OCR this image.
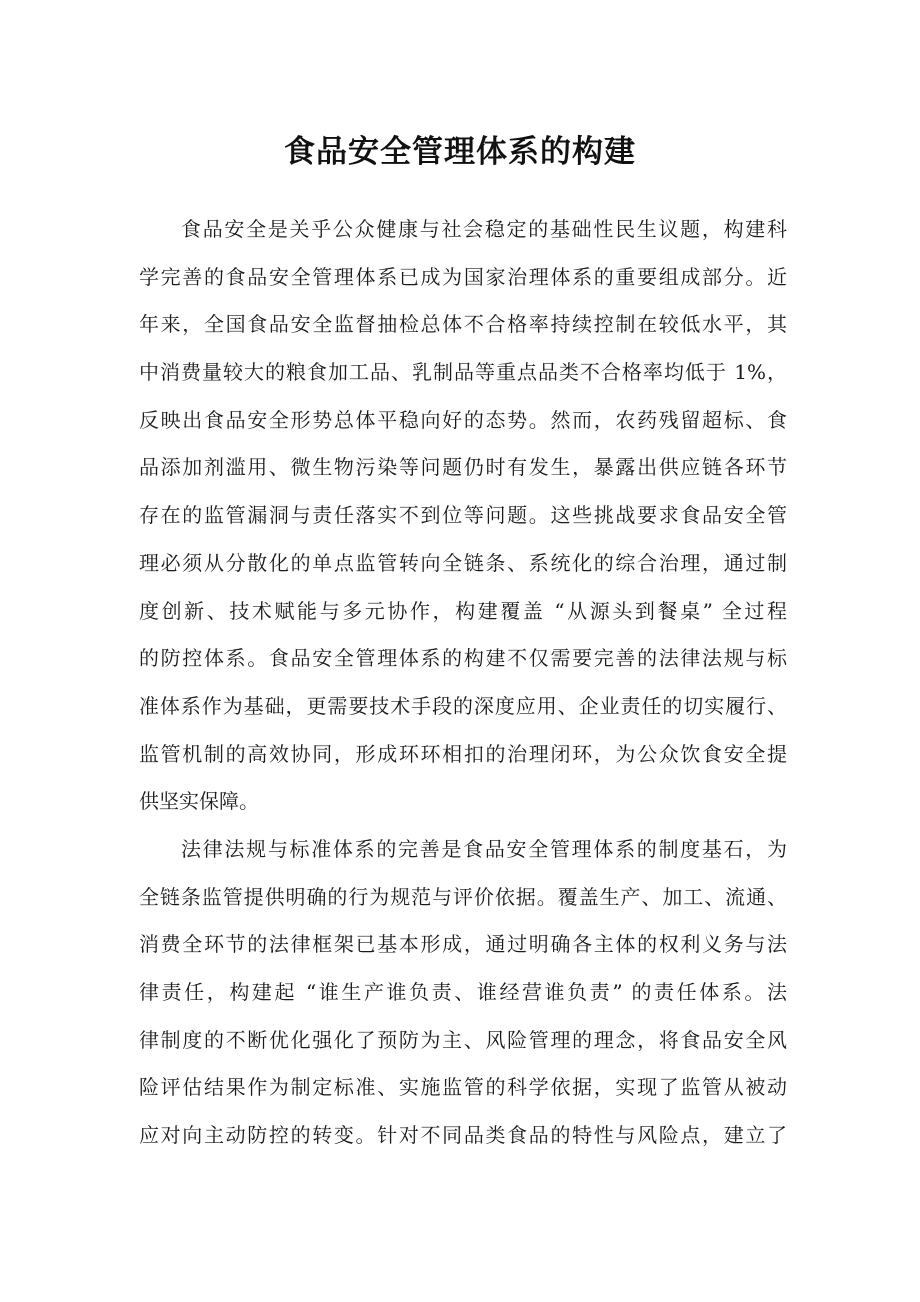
食品安全管理体系的构建
食品安全是关乎公众健康与社会稳定的基础性民生议题，构建科
学完善的食品安全管理体系已成为国家治理体系的重要组成部分。近
年来，全国食品安全监督抽检总体不合格率持续控制在较低水平，其
中消费量较大的粮食加工品、乳制品等重点品类不合格率均低于 1%，
反映出食品安全形势总体平稳向好的态势。然而，农药残留超标、食
品添加剂滥用、微生物污染等问题仍时有发生，暴露出供应链各环节
存在的监管漏洞与责任落实不到位等问题。这些挑战要求食品安全管
理必须从分散化的单点监管转向全链条、系统化的综合治理，通过制
度创新、技术赋能与多元协作，构建覆盖 “从源头到餐桌” 全过程
的防控体系。食品安全管理体系的构建不仅需要完善的法律法规与标
准体系作为基础，更需要技术手段的深度应用、企业责任的切实履行、
监管机制的高效协同，形成环环相扣的治理闭环，为公众饮食安全提
供坚实保障。
法律法规与标准体系的完善是食品安全管理体系的制度基石，为
全链条监管提供明确的行为规范与评价依据。覆盖生产、加工、流通、
消费全环节的法律框架已基本形成，通过明确各主体的权利义务与法
律责任，构建起 “谁生产谁负责、谁经营谁负责” 的责任体系。法
律制度的不断优化强化了预防为主、风险管理的理念，将食品安全风
险评估结果作为制定标准、实施监管的科学依据，实现了监管从被动
应对向主动防控的转变。针对不同品类食品的特性与风险点，建立了
